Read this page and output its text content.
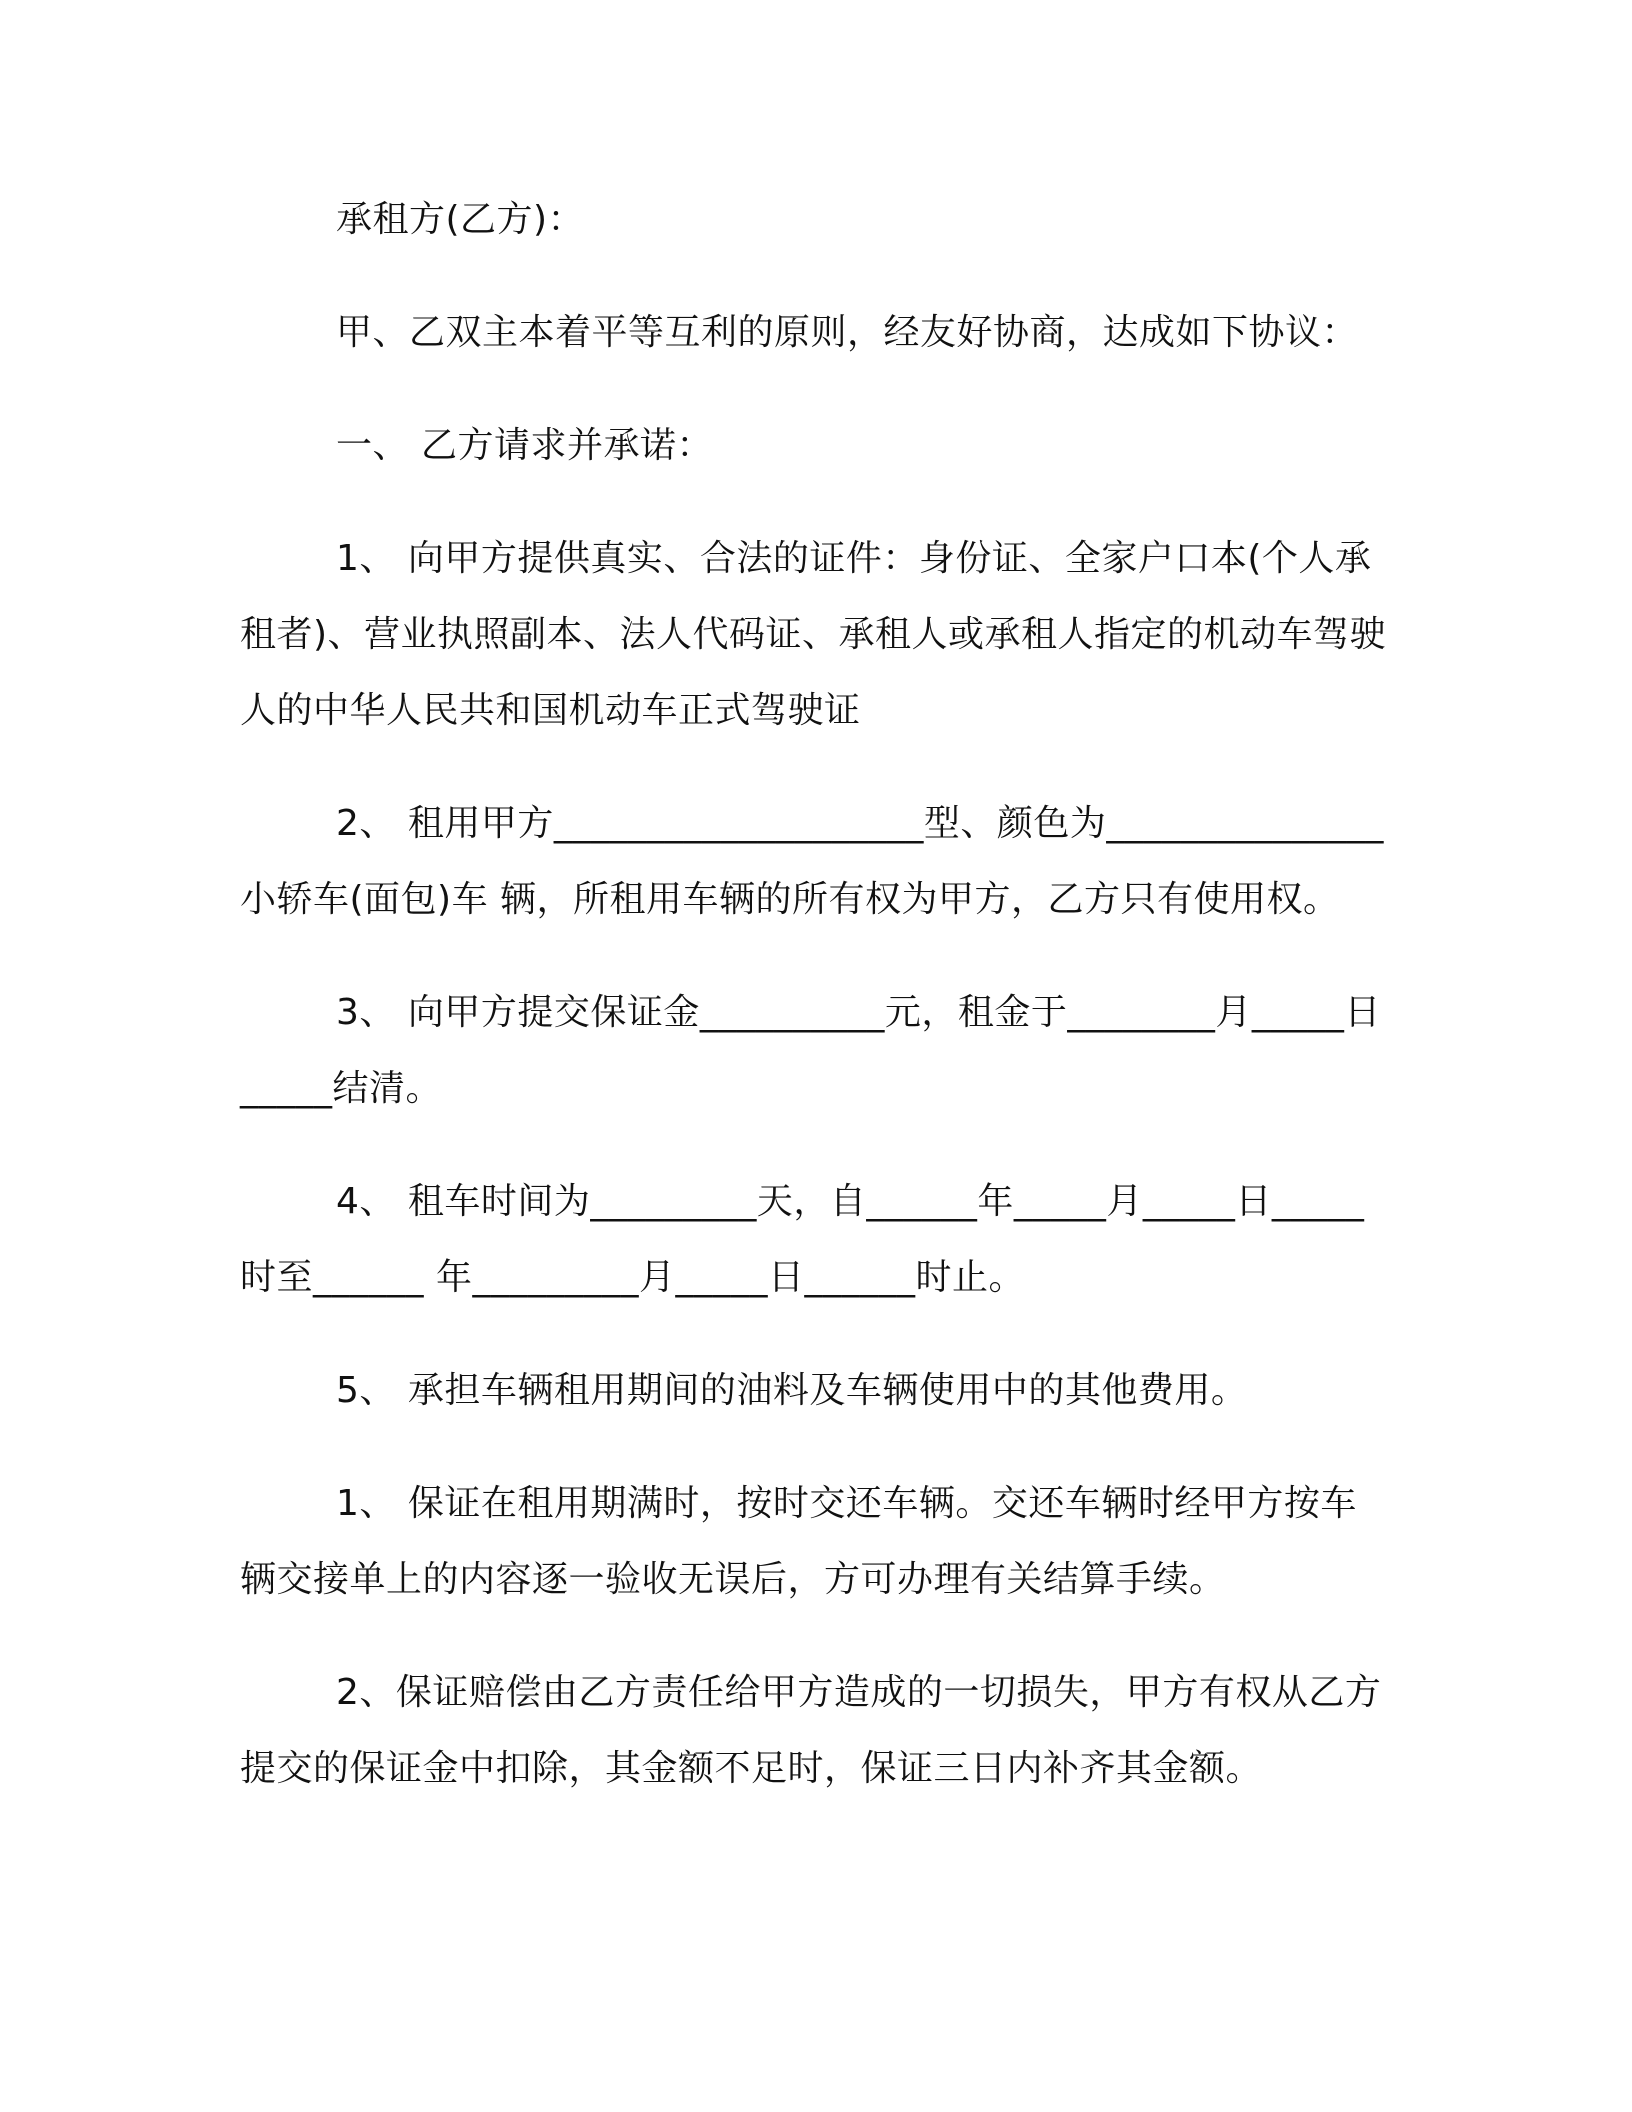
承租方(乙方)：

甲、乙双主本着平等互利的原则，经友好协商，达成如下协议：

一、 乙方请求并承诺：

1、 向甲方提供真实、合法的证件：身份证、全家户口本(个人承租者)、营业执照副本、法人代码证、承租人或承租人指定的机动车驾驶人的中华人民共和国机动车正式驾驶证

2、 租用甲方____________________型、颜色为_______________小轿车(面包)车 辆，所租用车辆的所有权为甲方，乙方只有使用权。

3、 向甲方提交保证金__________元，租金于________月_____日_____结清。

4、 租车时间为_________天，自______年_____月_____日_____时至______ 年_________月_____日______时止。

5、 承担车辆租用期间的油料及车辆使用中的其他费用。

1、 保证在租用期满时，按时交还车辆。交还车辆时经甲方按车辆交接单上的内容逐一验收无误后，方可办理有关结算手续。

2、保证赔偿由乙方责任给甲方造成的一切损失，甲方有权从乙方提交的保证金中扣除，其金额不足时，保证三日内补齐其金额。
